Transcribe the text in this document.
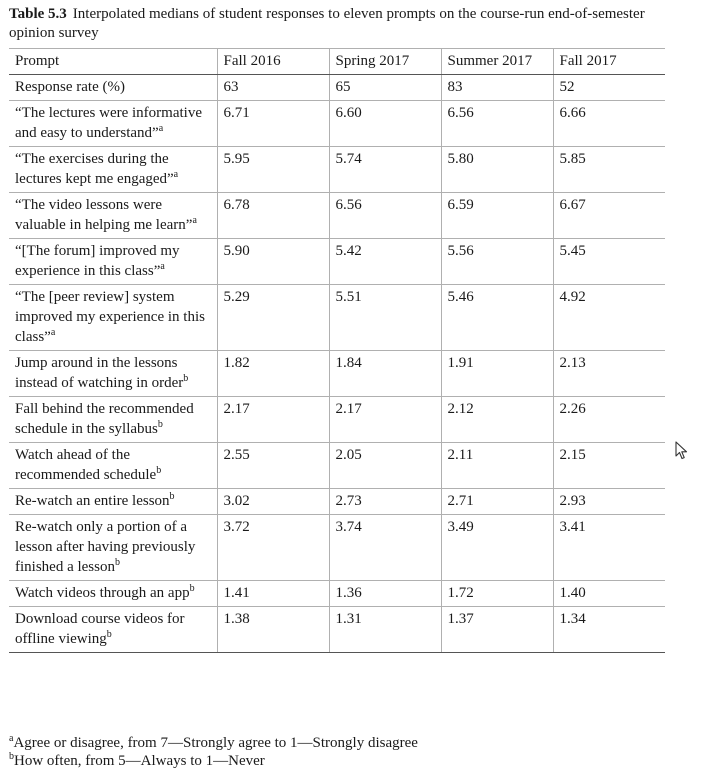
Table 5.3 Interpolated medians of student responses to eleven prompts on the course-run end-of-semester opinion survey
Prompt	Fall 2016	Spring 2017	Summer 2017	Fall 2017
Response rate (%)	63	65	83	52
“The lectures were informative and easy to understand”$^a$	6.71	6.60	6.56	6.66
“The exercises during the lectures kept me engaged”$^a$	5.95	5.74	5.80	5.85
“The video lessons were valuable in helping me learn”$^a$	6.78	6.56	6.59	6.67
“[The forum] improved my experience in this class”$^a$	5.90	5.42	5.56	5.45
“The [peer review] system improved my experience in this class”$^a$	5.29	5.51	5.46	4.92
Jump around in the lessons instead of watching in order$^b$	1.82	1.84	1.91	2.13
Fall behind the recommended schedule in the syllabus$^b$	2.17	2.17	2.12	2.26
Watch ahead of the recommended schedule$^b$	2.55	2.05	2.11	2.15
Re-watch an entire lesson$^b$	3.02	2.73	2.71	2.93
Re-watch only a portion of a lesson after having previously finished a lesson$^b$	3.72	3.74	3.49	3.41
Watch videos through an app$^b$	1.41	1.36	1.72	1.40
Download course videos for offline viewing$^b$	1.38	1.31	1.37	1.34
$^a$Agree or disagree, from 7—Strongly agree to 1—Strongly disagree
$^b$How often, from 5—Always to 1—Never
